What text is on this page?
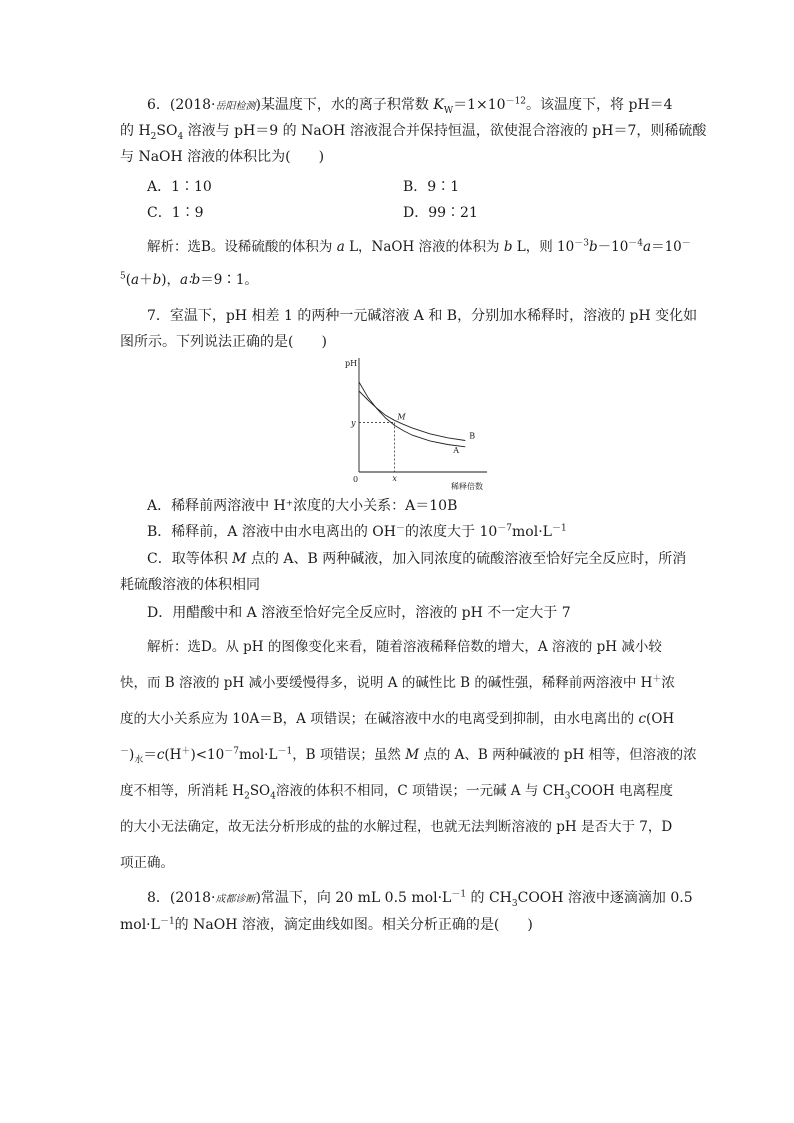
6．(2018·岳阳检测)某温度下，水的离子积常数 $K_W=1\times 10^{-12}$。该温度下，将 pH＝4
的 $H_2SO_4$ 溶液与 pH＝9 的 NaOH 溶液混合并保持恒温，欲使混合溶液的 pH＝7，则稀硫酸
与 NaOH 溶液的体积比为(　　)
A．1∶10	B．9∶1
C．1∶9	D．99∶21
解析：选B。设稀硫酸的体积为 a L，NaOH 溶液的体积为 b L，则 $10^{-3}b-10^{-4}a=10^-$
$^5$(a＋b)，a∶b＝9∶1。
7．室温下，pH 相差 1 的两种一元碱溶液 A 和 B，分别加水稀释时，溶液的 pH 变化如
图所示。下列说法正确的是(　　)
A
B
M
y
x
0
pH
稀释倍数
A．稀释前两溶液中 H⁺浓度的大小关系：A＝10B
B．稀释前，A 溶液中由水电离出的 OH－的浓度大于 $10^{-7}mol\cdot L^{-1}$
C．取等体积 M 点的 A、B 两种碱液，加入同浓度的硫酸溶液至恰好完全反应时，所消
耗硫酸溶液的体积相同
D．用醋酸中和 A 溶液至恰好完全反应时，溶液的 pH 不一定大于 7
解析：选D。从 pH 的图像变化来看，随着溶液稀释倍数的增大，A 溶液的 pH 减小较
快，而 B 溶液的 pH 减小要缓慢得多，说明 A 的碱性比 B 的碱性强，稀释前两溶液中 H＋浓
度的大小关系应为 10A＝B，A 项错误；在碱溶液中水的电离受到抑制，由水电离出的 c(OH
$^-)_水=c(H^+)<10^{-7}mol\cdot L^{-1}$，B 项错误；虽然 M 点的 A、B 两种碱液的 pH 相等，但溶液的浓
度不相等，所消耗 $H_2SO_4$溶液的体积不相同，C 项错误；一元碱 A 与 $CH_3COOH$ 电离程度
的大小无法确定，故无法分析形成的盐的水解过程，也就无法判断溶液的 pH 是否大于 7，D
项正确。
8．(2018·成都诊断)常温下，向 20 mL 0.5 $mol\cdot L^{-1}$ 的 $CH_3COOH$ 溶液中逐滴滴加 0.5
$mol\cdot L^{-1}$的 NaOH 溶液，滴定曲线如图。相关分析正确的是(　　)
